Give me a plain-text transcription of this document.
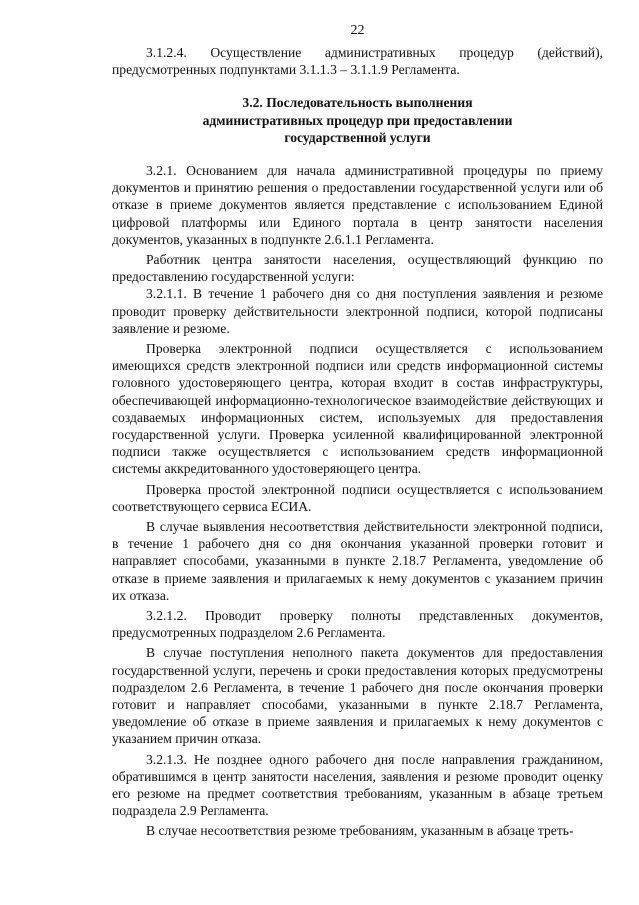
22

3.1.2.4. Осуществление административных процедур (действий), предусмотренных подпунктами 3.1.1.3 – 3.1.1.9 Регламента.

3.2. Последовательность выполнения
административных процедур при предоставлении
государственной услуги

3.2.1. Основанием для начала административной процедуры по приему документов и принятию решения о предоставлении государственной услуги или об отказе в приеме документов является представление с использованием Единой цифровой платформы или Единого портала в центр занятости населения документов, указанных в подпункте 2.6.1.1 Регламента.

Работник центра занятости населения, осуществляющий функцию по предоставлению государственной услуги:

3.2.1.1. В течение 1 рабочего дня со дня поступления заявления и резюме проводит проверку действительности электронной подписи, которой подписаны заявление и резюме.

Проверка электронной подписи осуществляется с использованием имеющихся средств электронной подписи или средств информационной системы головного удостоверяющего центра, которая входит в состав инфраструктуры, обеспечивающей информационно-технологическое взаимодействие действующих и создаваемых информационных систем, используемых для предоставления государственной услуги. Проверка усиленной квалифицированной электронной подписи также осуществляется с использованием средств информационной системы аккредитованного удостоверяющего центра.

Проверка простой электронной подписи осуществляется с использованием соответствующего сервиса ЕСИА.

В случае выявления несоответствия действительности электронной подписи, в течение 1 рабочего дня со дня окончания указанной проверки готовит и направляет способами, указанными в пункте 2.18.7 Регламента, уведомление об отказе в приеме заявления и прилагаемых к нему документов с указанием причин их отказа.

3.2.1.2. Проводит проверку полноты представленных документов, предусмотренных подразделом 2.6 Регламента.

В случае поступления неполного пакета документов для предоставления государственной услуги, перечень и сроки предоставления которых предусмотрены подразделом 2.6 Регламента, в течение 1 рабочего дня после окончания проверки готовит и направляет способами, указанными в пункте 2.18.7 Регламента, уведомление об отказе в приеме заявления и прилагаемых к нему документов с указанием причин отказа.

3.2.1.3. Не позднее одного рабочего дня после направления гражданином, обратившимся в центр занятости населения, заявления и резюме проводит оценку его резюме на предмет соответствия требованиям, указанным в абзаце третьем подраздела 2.9 Регламента.

В случае несоответствия резюме требованиям, указанным в абзаце треть-
